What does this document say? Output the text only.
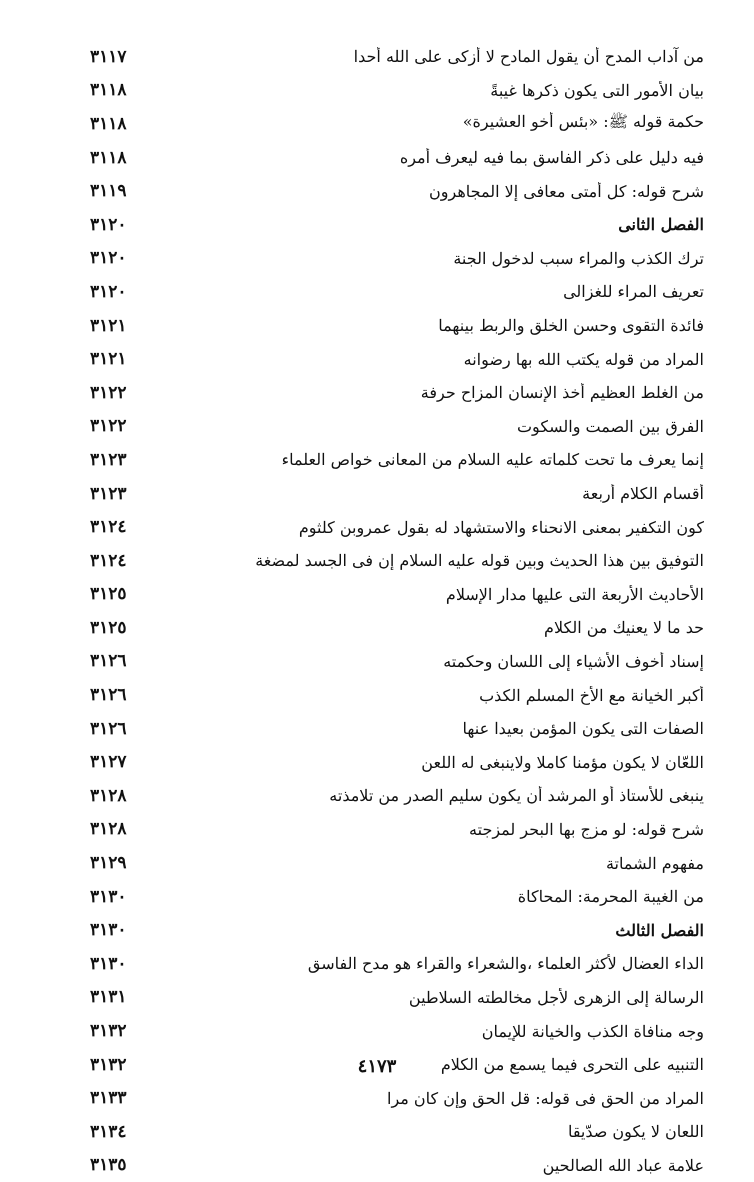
من آداب المدح أن يقول المادح لا أزكى على الله أحدا
٣١١٧
بيان الأمور التى يكون ذكرها غيبةً
٣١١٨
حكمة قوله ﷺ: «بئس أخو العشيرة»
٣١١٨
فيه دليل على ذكر الفاسق بما فيه ليعرف أمره
٣١١٨
شرح قوله: كل أمتى معافى إلا المجاهرون
٣١١٩
الفصل الثانى
٣١٢٠
ترك الكذب والمراء سبب لدخول الجنة
٣١٢٠
تعريف المراء للغزالى
٣١٢٠
فائدة التقوى وحسن الخلق والربط بينهما
٣١٢١
المراد من قوله يكتب الله بها رضوانه
٣١٢١
من الغلط العظيم أخذ الإنسان المزاح حرفة
٣١٢٢
الفرق بين الصمت والسكوت
٣١٢٢
إنما يعرف ما تحت كلماته عليه السلام من المعانى خواص العلماء
٣١٢٣
أقسام الكلام أربعة
٣١٢٣
كون التكفير بمعنى الانحناء والاستشهاد له بقول عمروبن كلثوم
٣١٢٤
التوفيق بين هذا الحديث وبين قوله عليه السلام إن فى الجسد لمضغة
٣١٢٤
الأحاديث الأربعة التى عليها مدار الإسلام
٣١٢٥
حد ما لا يعنيك من الكلام
٣١٢٥
إسناد أخوف الأشياء إلى اللسان وحكمته
٣١٢٦
أكبر الخيانة مع الأخ المسلم الكذب
٣١٢٦
الصفات التى يكون المؤمن بعيدا عنها
٣١٢٦
اللعّان لا يكون مؤمنا كاملا ولاينبغى له اللعن
٣١٢٧
ينبغى للأستاذ أو المرشد أن يكون سليم الصدر من تلامذته
٣١٢٨
شرح قوله: لو مزج بها البحر لمزجته
٣١٢٨
مفهوم الشماتة
٣١٢٩
من الغيبة المحرمة: المحاكاة
٣١٣٠
الفصل الثالث
٣١٣٠
الداء العضال لأكثر العلماء ،والشعراء والقراء هو مدح الفاسق
٣١٣٠
الرسالة إلى الزهرى لأجل مخالطته السلاطين
٣١٣١
وجه منافاة الكذب والخيانة للإيمان
٣١٣٢
التنبيه على التحرى فيما يسمع من الكلام
٣١٣٢
المراد من الحق فى قوله: قل الحق وإن كان مرا
٣١٣٣
اللعان لا يكون صدّيقا
٣١٣٤
علامة عباد الله الصالحين
٣١٣٥
٤١٧٣
